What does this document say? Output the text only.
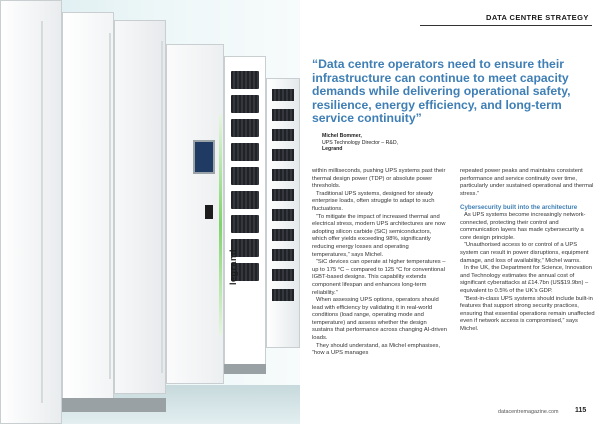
legrand
DATA CENTRE STRATEGY
“Data centre operators need to ensure their infrastructure can continue to meet capacity demands while delivering operational safety, resilience, energy efficiency, and long-term service continuity”
Michel Bommer,
UPS Technology Director – R&D,
Legrand

within milliseconds, pushing UPS systems past their thermal design power (TDP) or absolute power thresholds.

Traditional UPS systems, designed for steady enterprise loads, often struggle to adapt to such fluctuations.

“To mitigate the impact of increased thermal and electrical stress, modern UPS architectures are now adopting silicon carbide (SiC) semiconductors, which offer yields exceeding 98%, significantly reducing energy losses and operating temperatures,” says Michel.

“SiC devices can operate at higher temperatures – up to 175 °C – compared to 125 °C for conventional IGBT-based designs. This capability extends component lifespan and enhances long-term reliability.”

When assessing UPS options, operators should lead with efficiency by validating it in real-world conditions (load range, operating mode and temperature) and assess whether the design sustains that performance across changing AI-driven loads.

They should understand, as Michel emphasises, “how a UPS manages

repeated power peaks and maintains consistent performance and service continuity over time, particularly under sustained operational and thermal stress.”

Cybersecurity built into the architecture

As UPS systems become increasingly network-connected, protecting their control and communication layers has made cybersecurity a core design principle.

“Unauthorised access to or control of a UPS system can result in power disruptions, equipment damage, and loss of availability,” Michel warns.

In the UK, the Department for Science, Innovation and Technology estimates the annual cost of significant cyberattacks at £14.7bn (US$19.9bn) – equivalent to 0.5% of the UK’s GDP.

“Best-in-class UPS systems should include built-in features that support strong security practices, ensuring that essential operations remain unaffected even if network access is compromised,” says Michel.

datacentremagazine.com 115
